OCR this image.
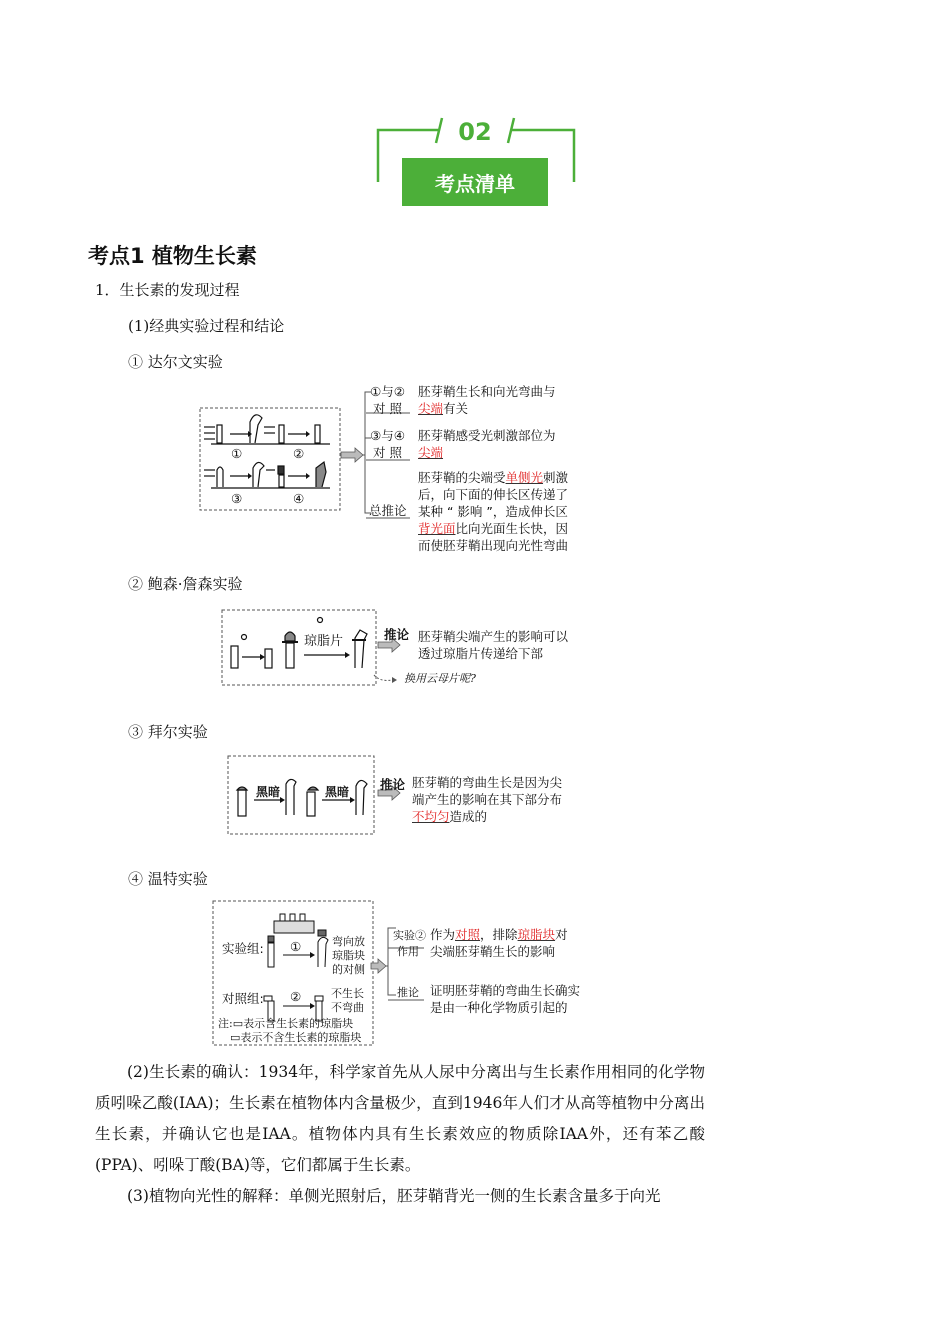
02
考点清单
考点1 植物生长素
1．生长素的发现过程
(1)经典实验过程和结论
① 达尔文实验
①	②
③	④
①与②
对 照
胚芽鞘生长和向光弯曲与
尖端有关
③与④
对 照
胚芽鞘感受光刺激部位为
尖端
总推论
胚芽鞘的尖端受单侧光刺激
后，向下面的伸长区传递了
某种 “ 影响 ”，造成伸长区
背光面比向光面生长快，因
而使胚芽鞘出现向光性弯曲
② 鲍森·詹森实验
琼脂片	推论 胚芽鞘尖端产生的影响可以
透过琼脂片传递给下部
换用云母片呢?
③ 拜尔实验
黑暗	黑暗 推论 胚芽鞘的弯曲生长是因为尖
端产生的影响在其下部分布
不均匀造成的
④ 温特实验
实验组:
对照组:
①
②
弯向放
琼脂块
的对侧
不生长
不弯曲
注:▭表示含生长素的琼脂块
▭表示不含生长素的琼脂块
实验②
作用
作为对照，排除琼脂块对
尖端胚芽鞘生长的影响
推论 证明胚芽鞘的弯曲生长确实
是由一种化学物质引起的
(2)生长素的确认：1934年，科学家首先从人尿中分离出与生长素作用相同的化学物质吲哚乙酸(IAA)；生长素在植物体内含量极少，直到1946年人们才从高等植物中分离出生长素，并确认它也是IAA。植物体内具有生长素效应的物质除IAA外，还有苯乙酸(PPA)、吲哚丁酸(BA)等，它们都属于生长素。
(3)植物向光性的解释：单侧光照射后，胚芽鞘背光一侧的生长素含量多于向光
